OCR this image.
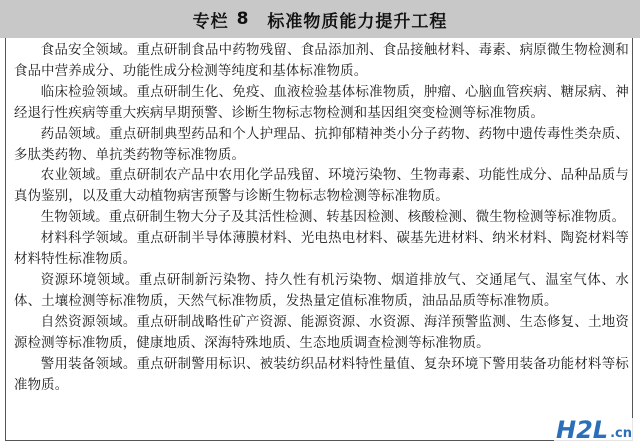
专栏 8 标准物质能力提升工程

食品安全领域。重点研制食品中药物残留、食品添加剂、食品接触材料、毒素、病原微生物检测和食品中营养成分、功能性成分检测等纯度和基体标准物质。

临床检验领域。重点研制生化、免疫、血液检验基体标准物质，肿瘤、心脑血管疾病、糖尿病、神经退行性疾病等重大疾病早期预警、诊断生物标志物检测和基因组突变检测等标准物质。

药品领域。重点研制典型药品和个人护理品、抗抑郁精神类小分子药物、药物中遗传毒性类杂质、多肽类药物、单抗类药物等标准物质。

农业领域。重点研制农产品中农用化学品残留、环境污染物、生物毒素、功能性成分、品种品质与真伪鉴别，以及重大动植物病害预警与诊断生物标志物检测等标准物质。

生物领域。重点研制生物大分子及其活性检测、转基因检测、核酸检测、微生物检测等标准物质。

材料科学领域。重点研制半导体薄膜材料、光电热电材料、碳基先进材料、纳米材料、陶瓷材料等材料特性标准物质。

资源环境领域。重点研制新污染物、持久性有机污染物、烟道排放气、交通尾气、温室气体、水体、土壤检测等标准物质，天然气标准物质，发热量定值标准物质，油品品质等标准物质。

自然资源领域。重点研制战略性矿产资源、能源资源、水资源、海洋预警监测、生态修复、土地资源检测等标准物质，健康地质、深海特殊地质、生态地质调查检测等标准物质。

警用装备领域。重点研制警用标识、被装纺织品材料特性量值、复杂环境下警用装备功能材料等标准物质。

H2L .cn
